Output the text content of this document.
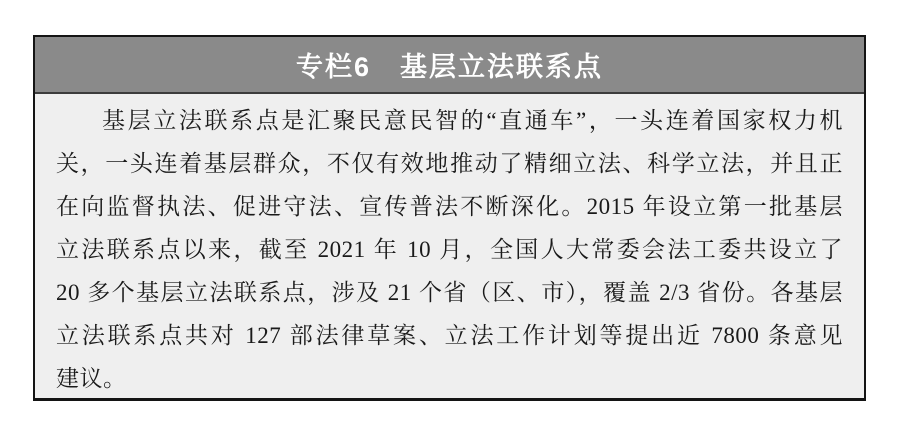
专栏6　基层立法联系点
基层立法联系点是汇聚民意民智的“直通车”，一头连着国家权力机
关，一头连着基层群众，不仅有效地推动了精细立法、科学立法，并且正
在向监督执法、促进守法、宣传普法不断深化。2015 年设立第一批基层
立法联系点以来，截至 2021 年 10 月，全国人大常委会法工委共设立了
20 多个基层立法联系点，涉及 21 个省（区、市），覆盖 2/3 省份。各基层
立法联系点共对 127 部法律草案、立法工作计划等提出近 7800 条意见
建议。
